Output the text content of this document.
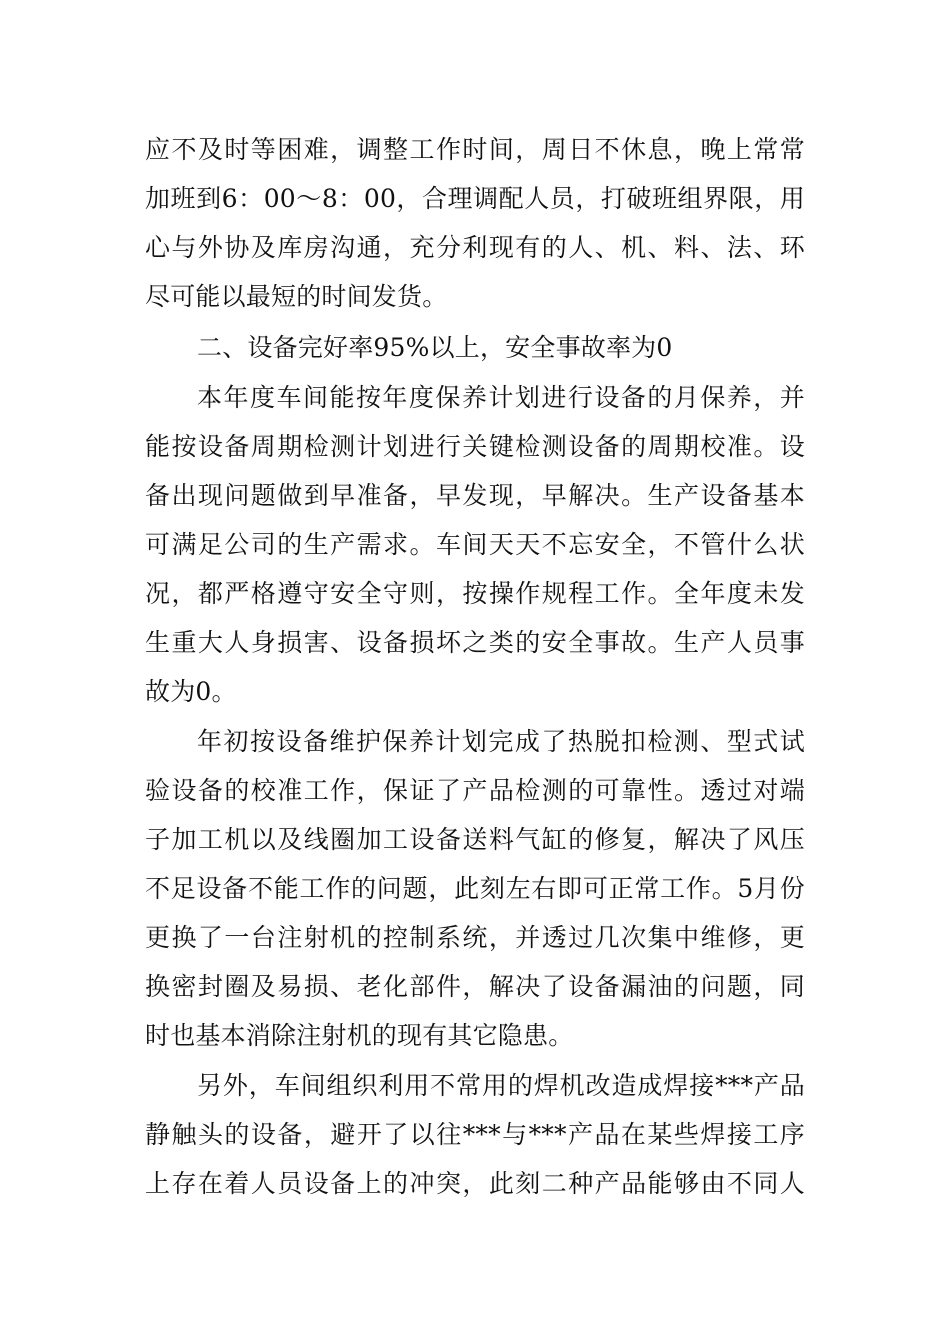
应不及时等困难，调整工作时间，周日不休息，晚上常常
加班到6：00～8：00，合理调配人员，打破班组界限，用
心与外协及库房沟通，充分利现有的人、机、料、法、环
尽可能以最短的时间发货。
二、设备完好率95%以上，安全事故率为0
本年度车间能按年度保养计划进行设备的月保养，并
能按设备周期检测计划进行关键检测设备的周期校准。设
备出现问题做到早准备，早发现，早解决。生产设备基本
可满足公司的生产需求。车间天天不忘安全，不管什么状
况，都严格遵守安全守则，按操作规程工作。全年度未发
生重大人身损害、设备损坏之类的安全事故。生产人员事
故为0。
年初按设备维护保养计划完成了热脱扣检测、型式试
验设备的校准工作，保证了产品检测的可靠性。透过对端
子加工机以及线圈加工设备送料气缸的修复，解决了风压
不足设备不能工作的问题，此刻左右即可正常工作。5月份
更换了一台注射机的控制系统，并透过几次集中维修，更
换密封圈及易损、老化部件，解决了设备漏油的问题，同
时也基本消除注射机的现有其它隐患。
另外，车间组织利用不常用的焊机改造成焊接***产品
静触头的设备，避开了以往***与***产品在某些焊接工序
上存在着人员设备上的冲突，此刻二种产品能够由不同人
